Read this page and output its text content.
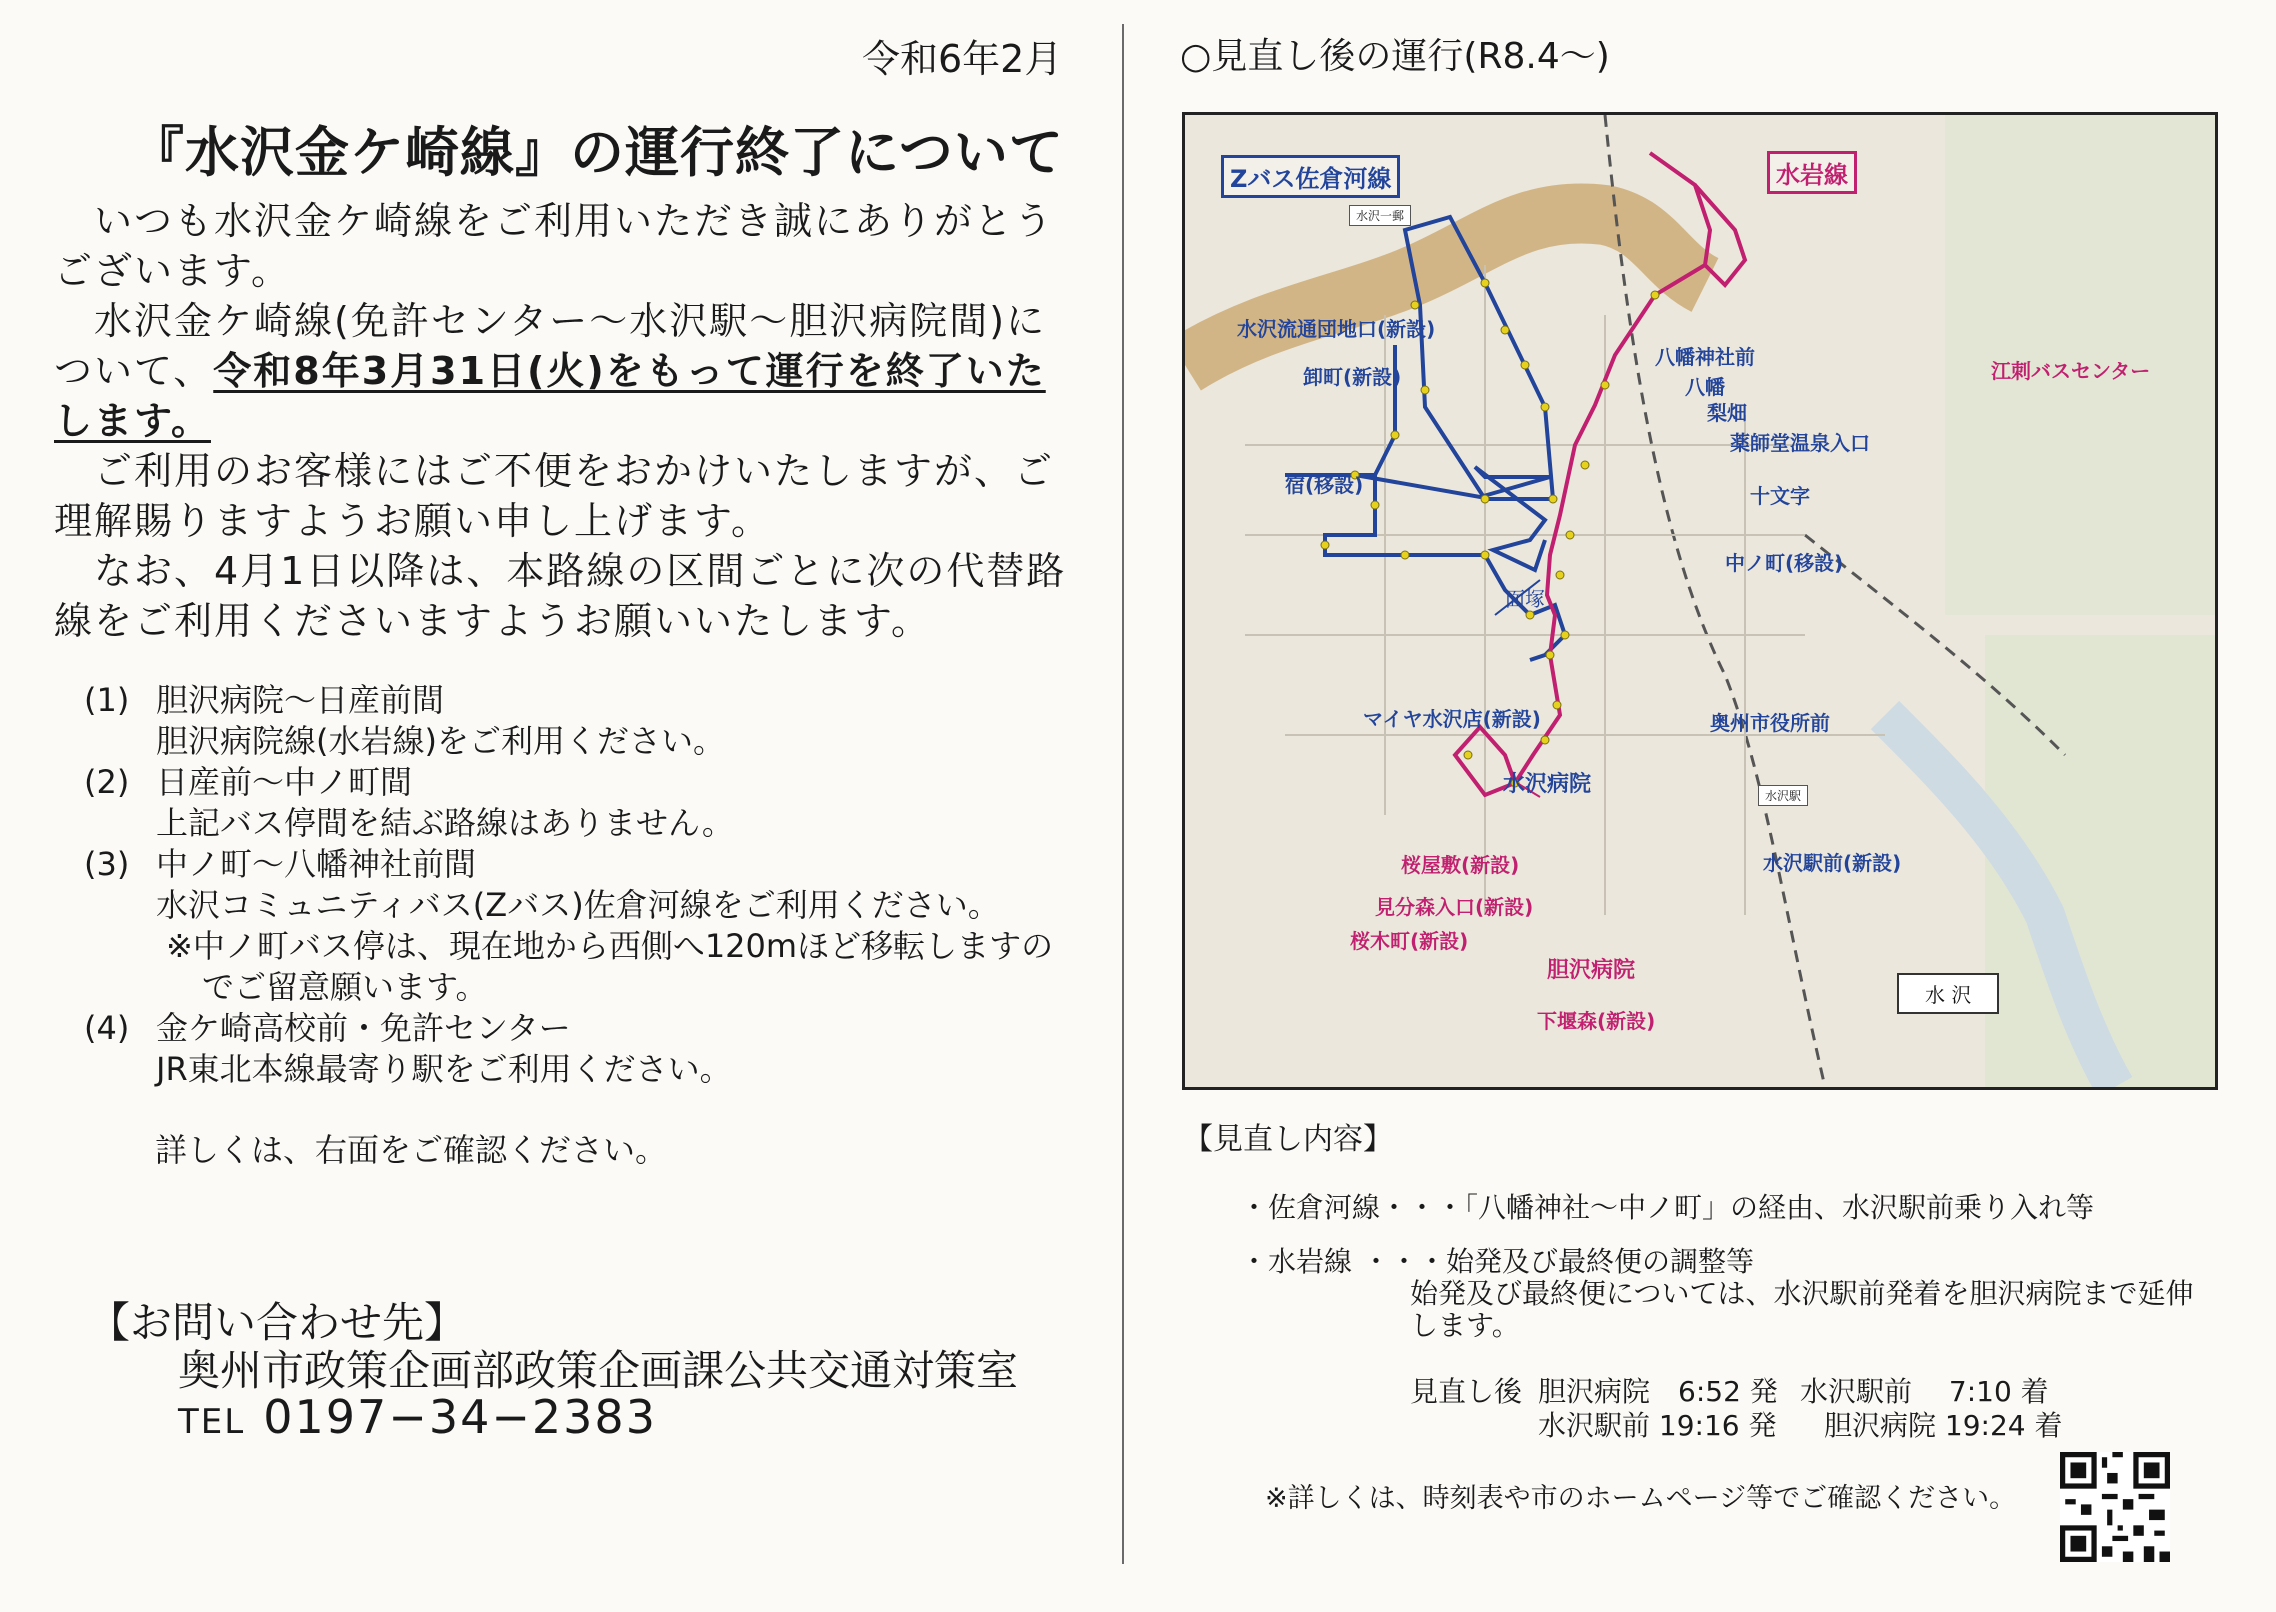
令和6年2月
『水沢金ケ崎線』の運行終了について
いつも水沢金ケ崎線をご利用いただき誠にありがとう
ございます。
水沢金ケ崎線(免許センター〜水沢駅〜胆沢病院間)に
ついて、令和8年3月31日(火)をもって運行を終了いた
します。
ご利用のお客様にはご不便をおかけいたしますが、ご
理解賜りますようお願い申し上げます。
なお、4月1日以降は、本路線の区間ごとに次の代替路
線をご利用くださいますようお願いいたします。
(1) 胆沢病院〜日産前間
胆沢病院線(水岩線)をご利用ください。
(2) 日産前〜中ノ町間
上記バス停間を結ぶ路線はありません。
(3) 中ノ町〜八幡神社前間
水沢コミュニティバス(Zバス)佐倉河線をご利用ください。
※中ノ町バス停は、現在地から西側へ120mほど移転しますの
でご留意願います。
(4) 金ケ崎高校前・免許センター
JR東北本線最寄り駅をご利用ください。
詳しくは、右面をご確認ください。
【お問い合わせ先】
奥州市政策企画部政策企画課公共交通対策室
TEL 0197−34−2383
○見直し後の運行(R8.4〜)
Zバス佐倉河線	水岩線
水沢一郵
水沢駅
水沢流通団地口(新設)
卸町(新設)
宿(移設)
八幡神社前
八幡
梨畑
薬師堂温泉入口
十文字
中ノ町(移設)
面塚
マイヤ水沢店(新設)	奥州市役所前
水沢病院
水沢駅前(新設)
江刺バスセンター
桜屋敷(新設)
見分森入口(新設)
桜木町(新設)
胆沢病院
下堰森(新設)
水 沢
【見直し内容】
・佐倉河線・・・「八幡神社〜中ノ町」の経由、水沢駅前乗り入れ等
・水岩線 ・・・始発及び最終便の調整等
始発及び最終便については、水沢駅前発着を胆沢病院まで延伸
します。
見直し後 胆沢病院　6:52 発 水沢駅前　 7:10 着
水沢駅前 19:16 発 胆沢病院 19:24 着
※詳しくは、時刻表や市のホームページ等でご確認ください。
